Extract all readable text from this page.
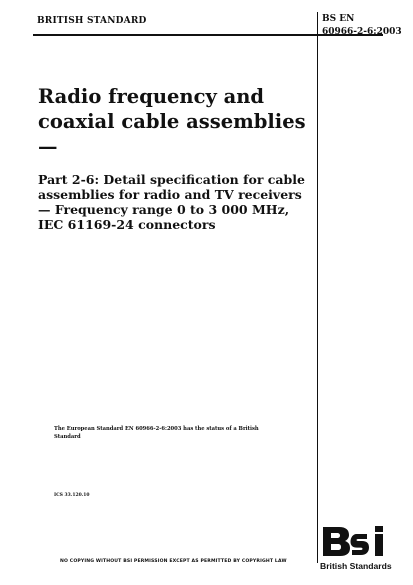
BRITISH STANDARD	BS EN
60966-2-6:2003
Radio frequency and coaxial cable assemblies —
Part 2-6: Detail specification for cable assemblies for radio and TV receivers — Frequency range 0 to 3 000 MHz, IEC 61169-24 connectors
The European Standard EN 60966-2-6:2003 has the status of a British Standard
ICS 33.120.10
NO COPYING WITHOUT BSI PERMISSION EXCEPT AS PERMITTED BY COPYRIGHT LAW	British Standards
